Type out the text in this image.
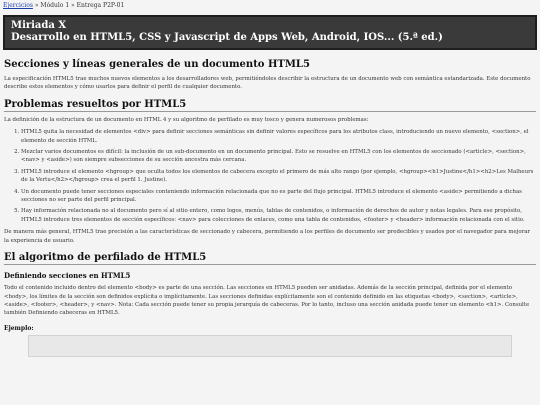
Ejercicios » Módulo 1 » Entrega P2P-01
Miriadа X
Desarrollo en HTML5, CSS y Javascript de Apps Web, Android, IOS... (5.ª ed.)
Secciones y líneas generales de un documento HTML5

La especificación HTML5 trae muchos nuevos elementos a los desarrolladores web, permitiéndoles describir la estructura de un documento web con semántica estandarizada. Este documento describe estos elementos y cómo usarlos para definir el perfil de cualquier documento.

Problemas resueltos por HTML5

La definición de la estructura de un documento en HTML 4 y su algoritmo de perfilado es muy tosco y genera numerosos problemas:

1. HTML5 quita la necesidad de elementos <div> para definir secciones semánticas sin definir valores específicos para los atributos class, introduciendo un nuevo elemento, <section>, el elemento de sección HTML.
2. Mezclar varios documentos es difícil: la inclusión de un sub-documento en un documento principal. Esto se resuelve en HTML5 con los elementos de seccionado (<article>, <section>, <nav> y <aside>) son siempre subsecciones de su sección ancestra más cercana.
3. HTML5 introduce el elemento <hgroup> que oculta todos los elementos de cabecera excepto el primero de más alto rango (por ejemplo, <hgroup><h1>Justine</h1><h2>Les Malheurs de la Vertu</h2></hgroup> crea el perfil 1. Justine).
4. Un documento puede tener secciones especiales conteniendo información relacionada que no es parte del flujo principal. HTML5 introduce el elemento <aside> permitiendo a dichas secciones no ser parte del perfil principal.
5. Hay información relacionada no al documento pero sí al sitio entero, como logos, menús, tablas de contenidos, o información de derechos de autor y notas legales. Para ese propósito, HTML5 introduce tres elementos de sección específicos: <nav> para colecciones de enlaces, como una tabla de contenidos, <footer> y <header> información relacionada con el sitio.

De manera más general, HTML5 trae precisión a las características de seccionado y cabecera, permitiendo a los perfiles de documento ser predecibles y usados por el navegador para mejorar la experiencia de usuario.

El algoritmo de perfilado de HTML5
Definiendo secciones en HTML5

Todo el contenido incluido dentro del elemento <body> es parte de una sección. Las secciones en HTML5 pueden ser anidadas. Además de la sección principal, definida por el elemento <body>, los límites de la sección son definidos explícita o implícitamente. Las secciones definidas explícitamente son el contenido definido en las etiquetas <body>, <section>, <article>, <aside>, <footer>, <header>, y <nav>. Nota: Cada sección puede tener su propia jerarquía de cabeceras. Por lo tanto, incluso una sección anidada puede tener un elemento <h1>. Consulte también Definiendo cabeceras en HTML5.

Ejemplo:
